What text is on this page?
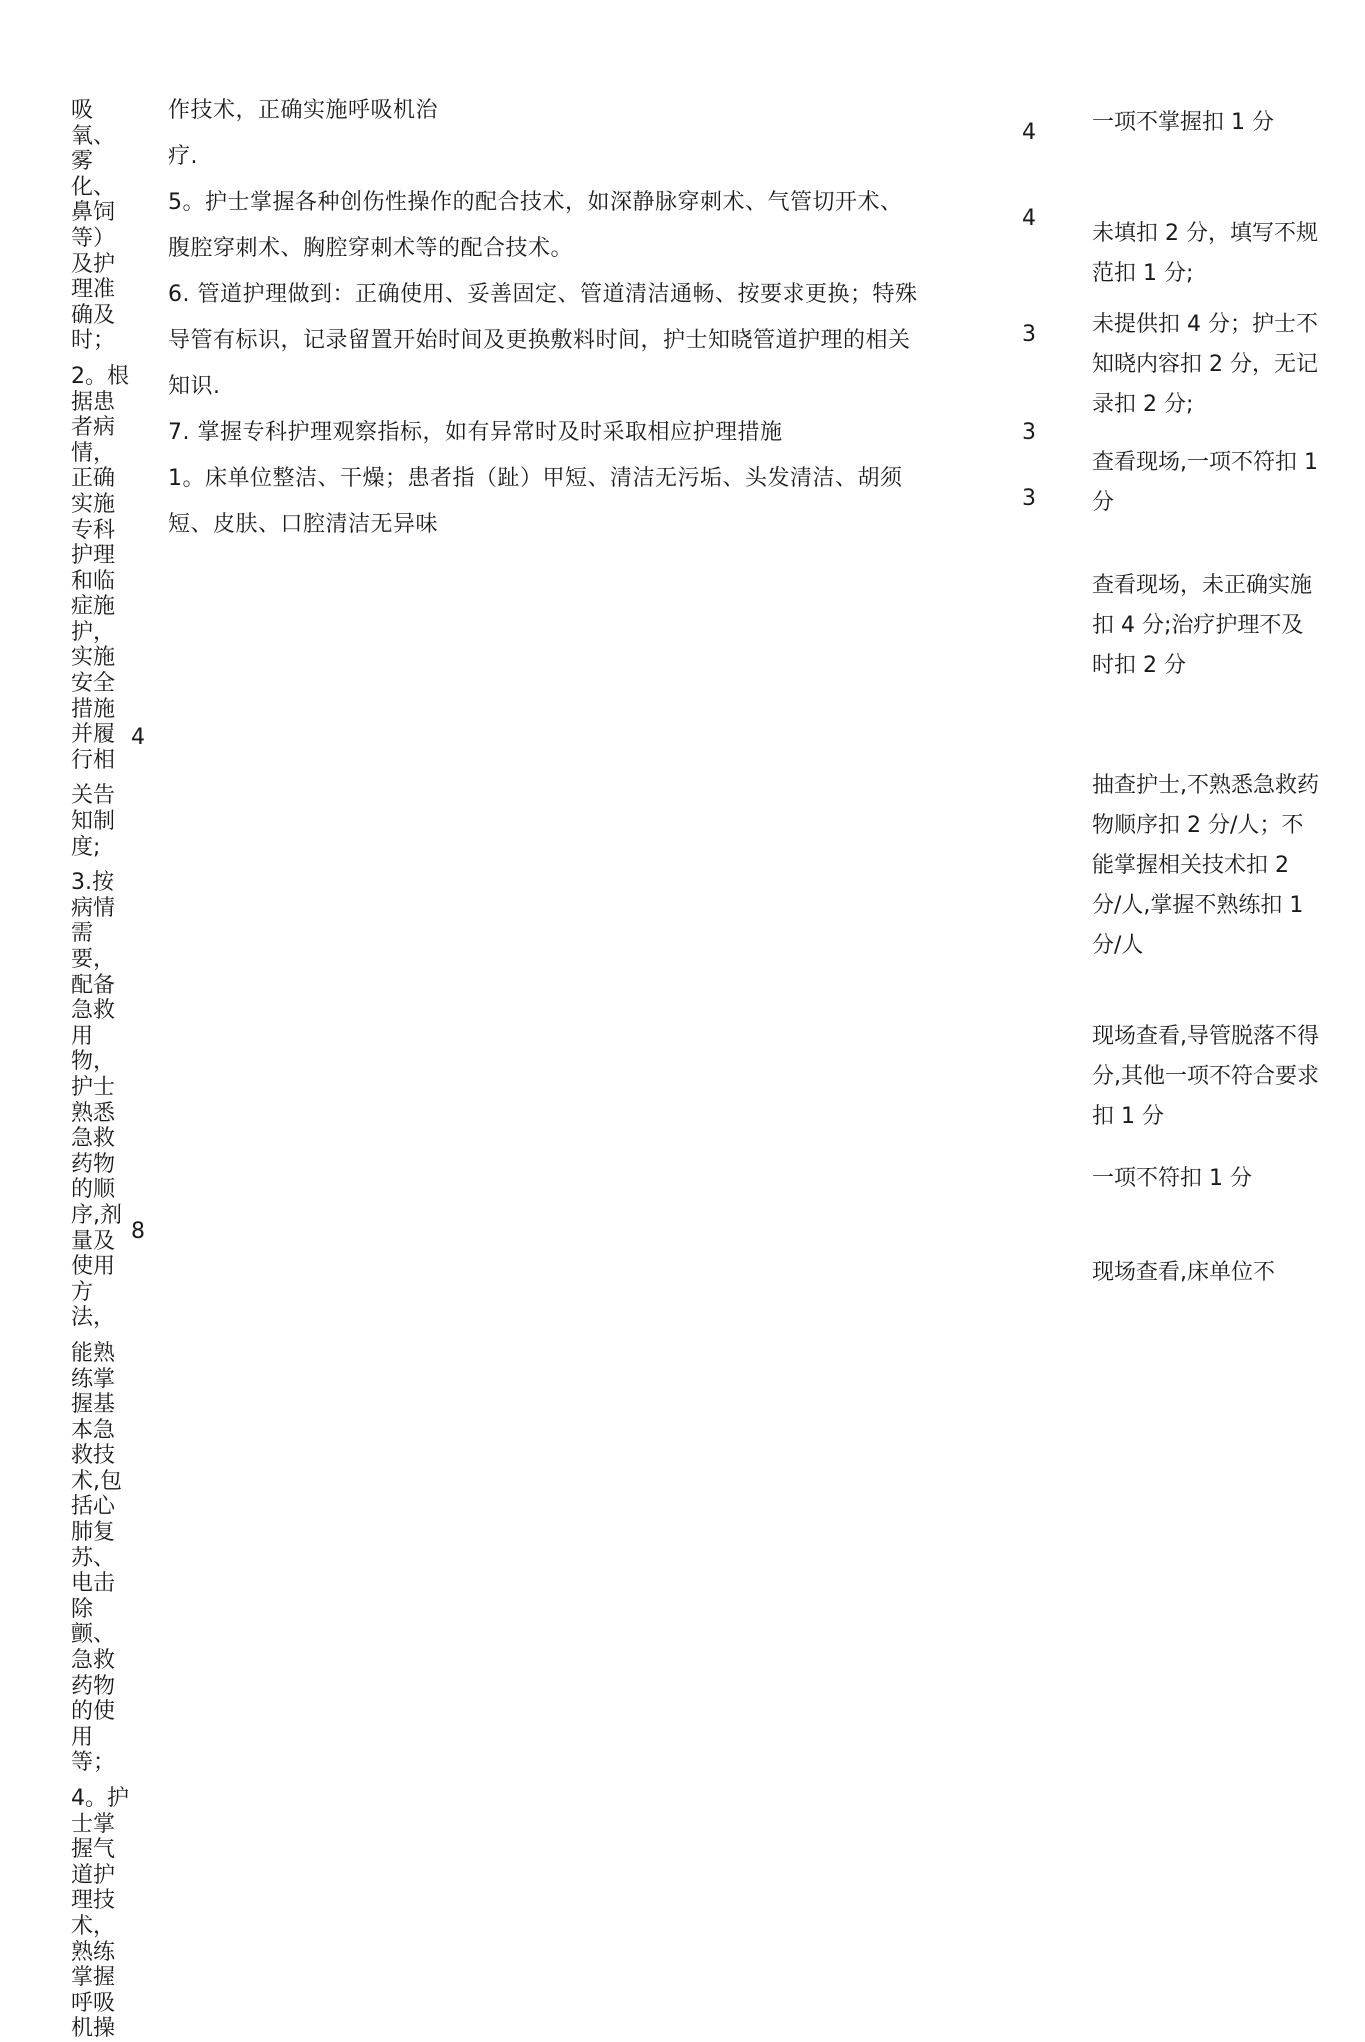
吸氧、雾化、鼻饲等）及护理准确及时；

2。根据患者病情，正确实施专科护理和临症施护，实施安全措施并履行相

关告知制度;

3.按病情需要，配备急救用物，护士熟悉急救药物的顺序,剂量及使用方法，

能熟练掌握基本急救技术,包括心肺复苏、电击除颤、急救药物的使用等；

4。护士掌握气道护理技术，熟练掌握呼吸机操

4
8

作技术，正确实施呼吸机治

疗.

5。护士掌握各种创伤性操作的配合技术，如深静脉穿刺术、气管切开术、

腹腔穿刺术、胸腔穿刺术等的配合技术。

6. 管道护理做到：正确使用、妥善固定、管道清洁通畅、按要求更换；特殊

导管有标识，记录留置开始时间及更换敷料时间，护士知晓管道护理的相关

知识.

7. 掌握专科护理观察指标，如有异常时及时采取相应护理措施

1。床单位整洁、干燥；患者指（趾）甲短、清洁无污垢、头发清洁、胡须

短、皮肤、口腔清洁无异味

4
4
3
3
3
一项不掌握扣 1 分
未填扣 2 分，填写不规范扣 1 分;
未提供扣 4 分；护士不知晓内容扣 2 分，无记录扣 2 分;
查看现场,一项不符扣 1 分
查看现场，未正确实施扣 4 分;治疗护理不及时扣 2 分
抽查护士,不熟悉急救药物顺序扣 2 分/人；不能掌握相关技术扣 2 分/人,掌握不熟练扣 1 分/人
现场查看,导管脱落不得分,其他一项不符合要求扣 1 分
一项不符扣 1 分
现场查看,床单位不
